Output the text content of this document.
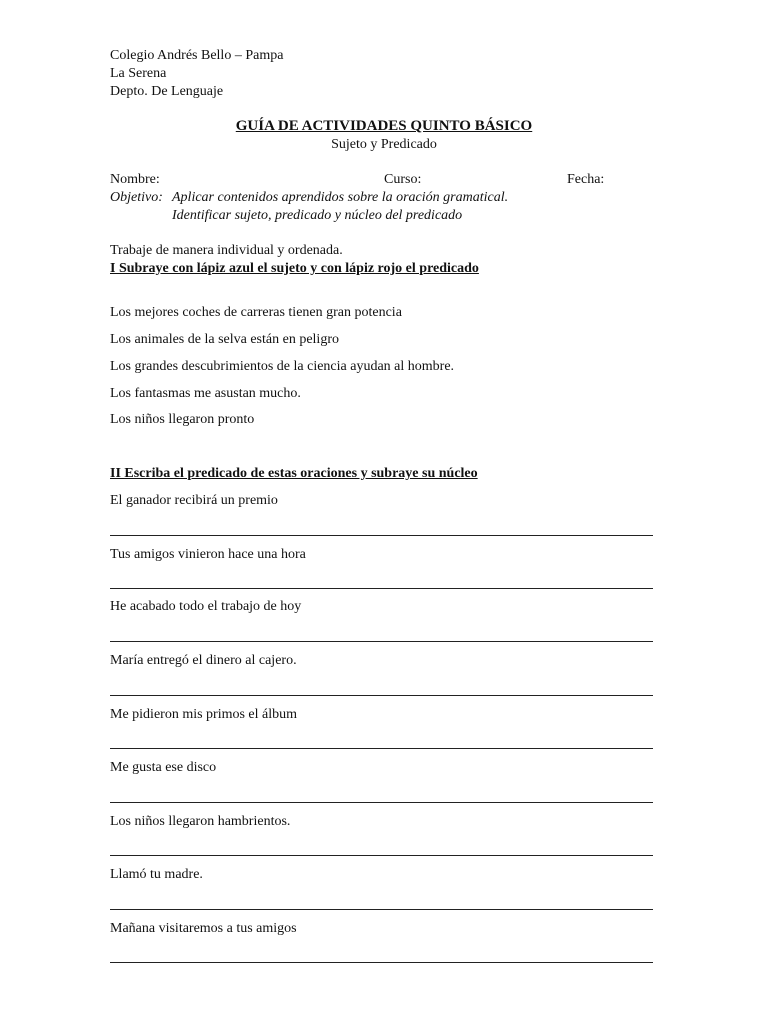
Colegio Andrés Bello – Pampa
La Serena
Depto. De Lenguaje
GUÍA DE ACTIVIDADES QUINTO BÁSICO
Sujeto y Predicado
Nombre:	Curso:	Fecha:
Objetivo: Aplicar contenidos aprendidos sobre la oración gramatical.
Identificar sujeto, predicado y núcleo del predicado
Trabaje de manera individual y ordenada.
I Subraye con lápiz azul el sujeto y con lápiz rojo el predicado
Los mejores coches de carreras tienen gran potencia
Los animales de la selva están en peligro
Los grandes descubrimientos de la ciencia ayudan al hombre.
Los fantasmas me asustan mucho.
Los niños llegaron pronto
II Escriba el predicado de estas oraciones y subraye su núcleo
El ganador recibirá un premio
Tus amigos vinieron hace una hora
He acabado todo el trabajo de hoy
María entregó el dinero al cajero.
Me pidieron mis primos el álbum
Me gusta ese disco
Los niños llegaron hambrientos.
Llamó tu madre.
Mañana visitaremos a tus amigos
